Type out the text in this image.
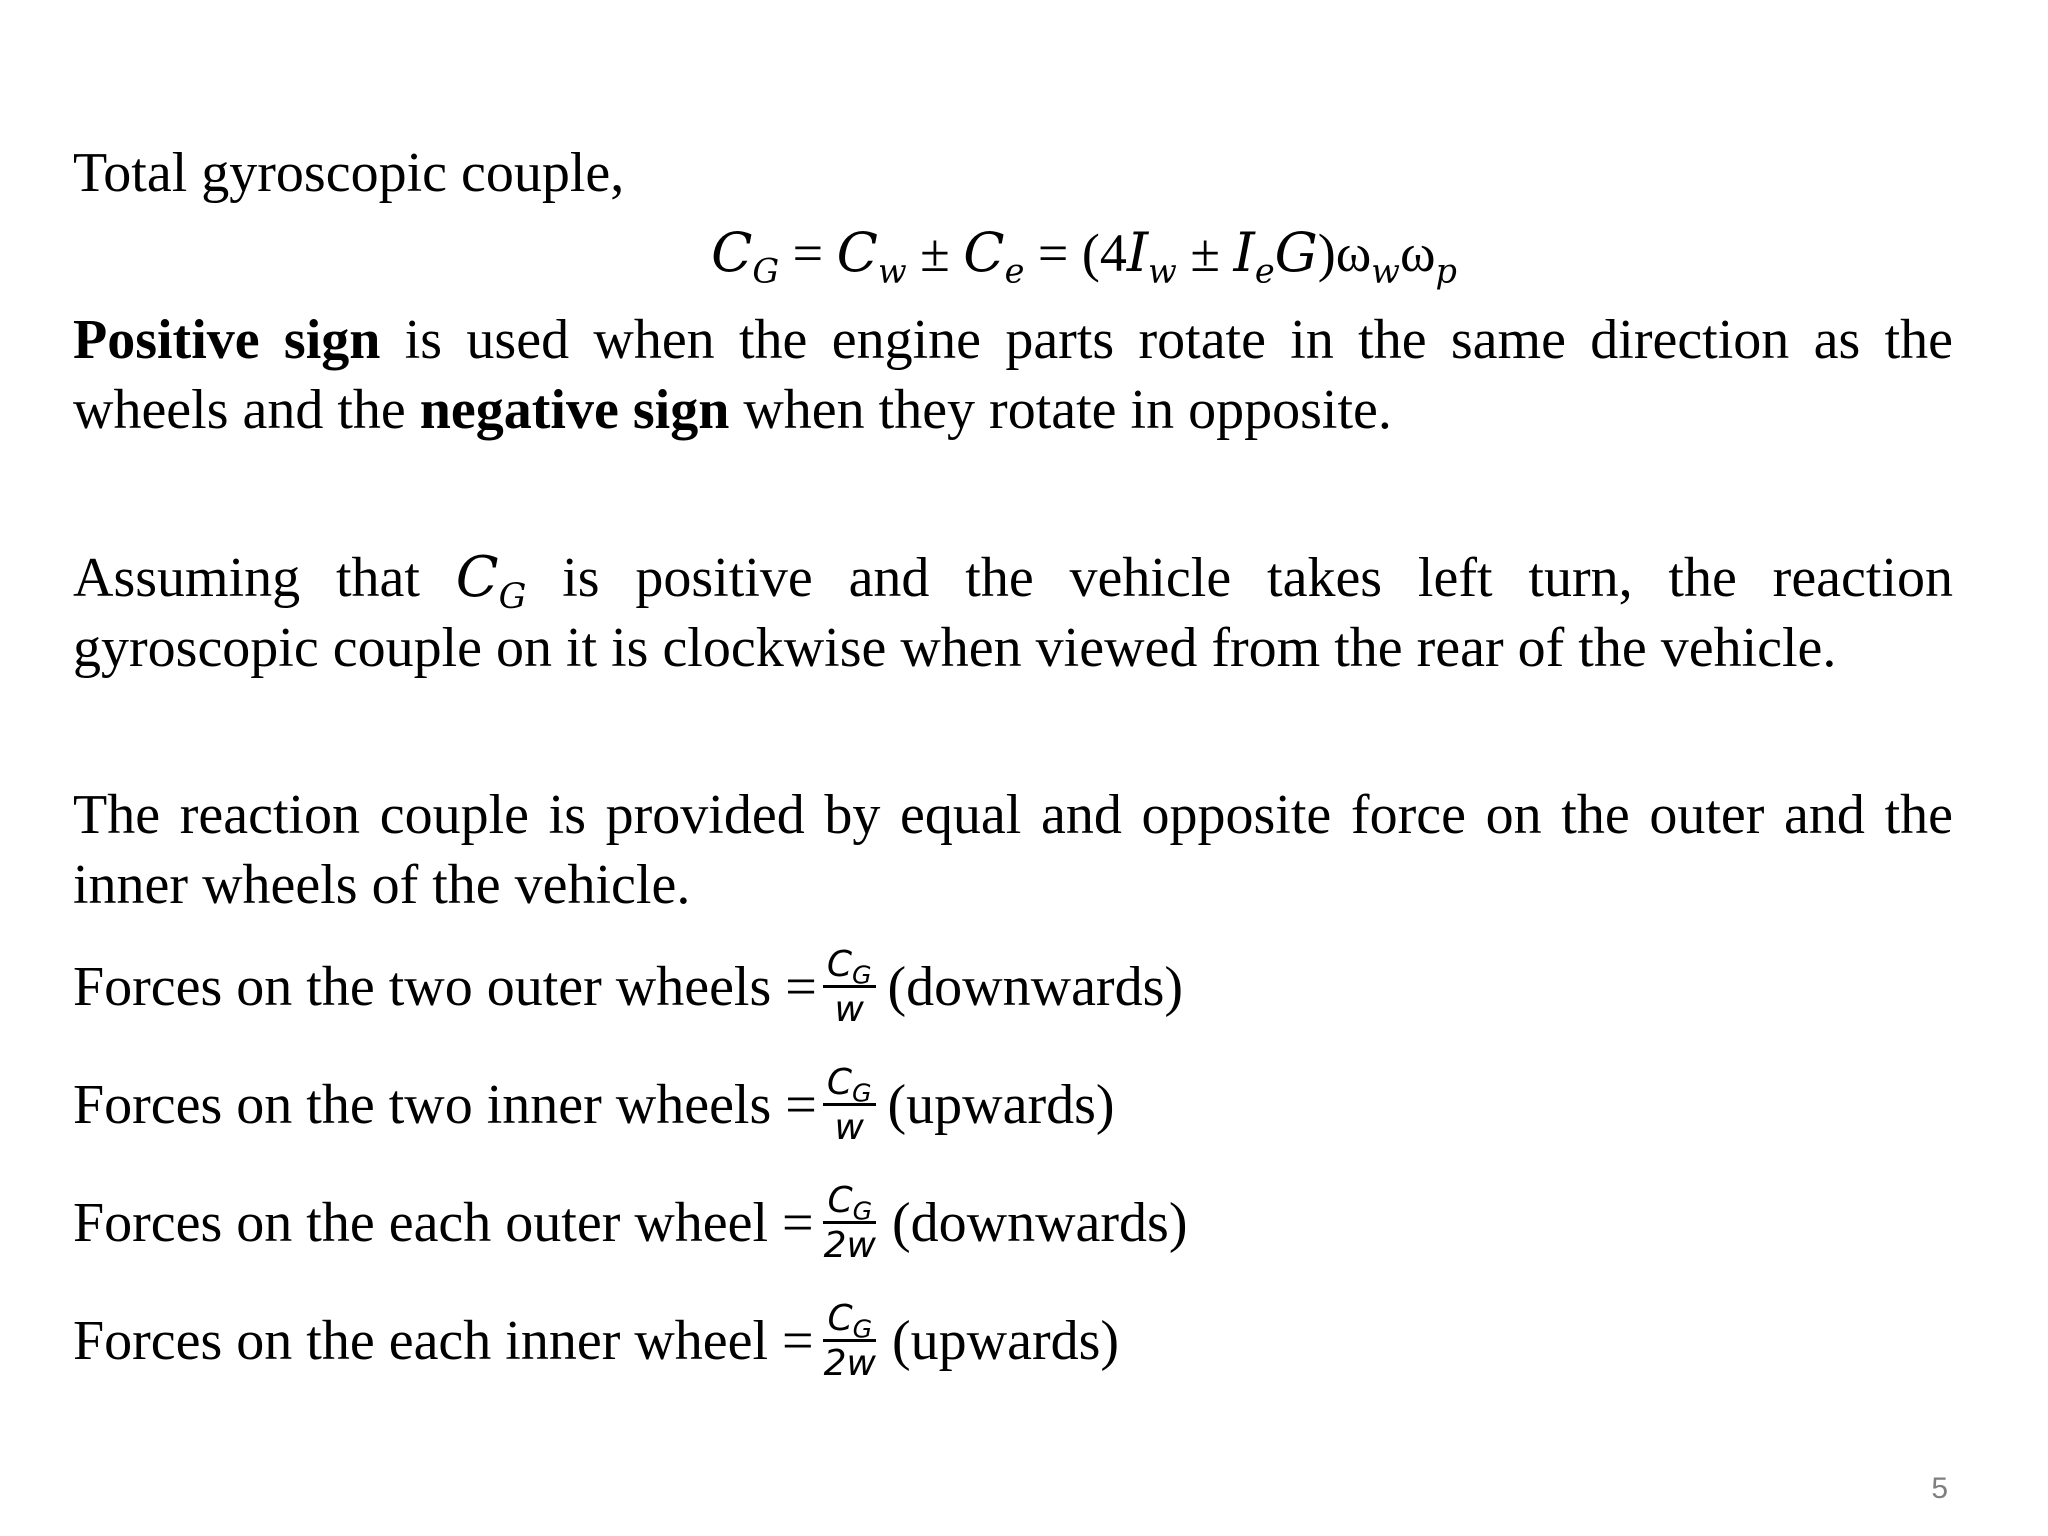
Total gyroscopic couple,
$C_G = C_w \pm C_e = (4I_w \pm I_eG)\omega_w\omega_p$
Positive sign is used when the engine parts rotate in the same direction as the
wheels and the negative sign when they rotate in opposite.
Assuming that $C_G$ is positive and the vehicle takes left turn, the reaction
gyroscopic couple on it is clockwise when viewed from the rear of the vehicle.
The reaction couple is provided by equal and opposite force on the outer and the
inner wheels of the vehicle.
Forces on the two outer wheels = $\frac{C_G}{w}$ (downwards)
Forces on the two inner wheels = $\frac{C_G}{w}$ (upwards)
Forces on the each outer wheel = $\frac{C_G}{2w}$ (downwards)
Forces on the each inner wheel = $\frac{C_G}{2w}$ (upwards)
5
